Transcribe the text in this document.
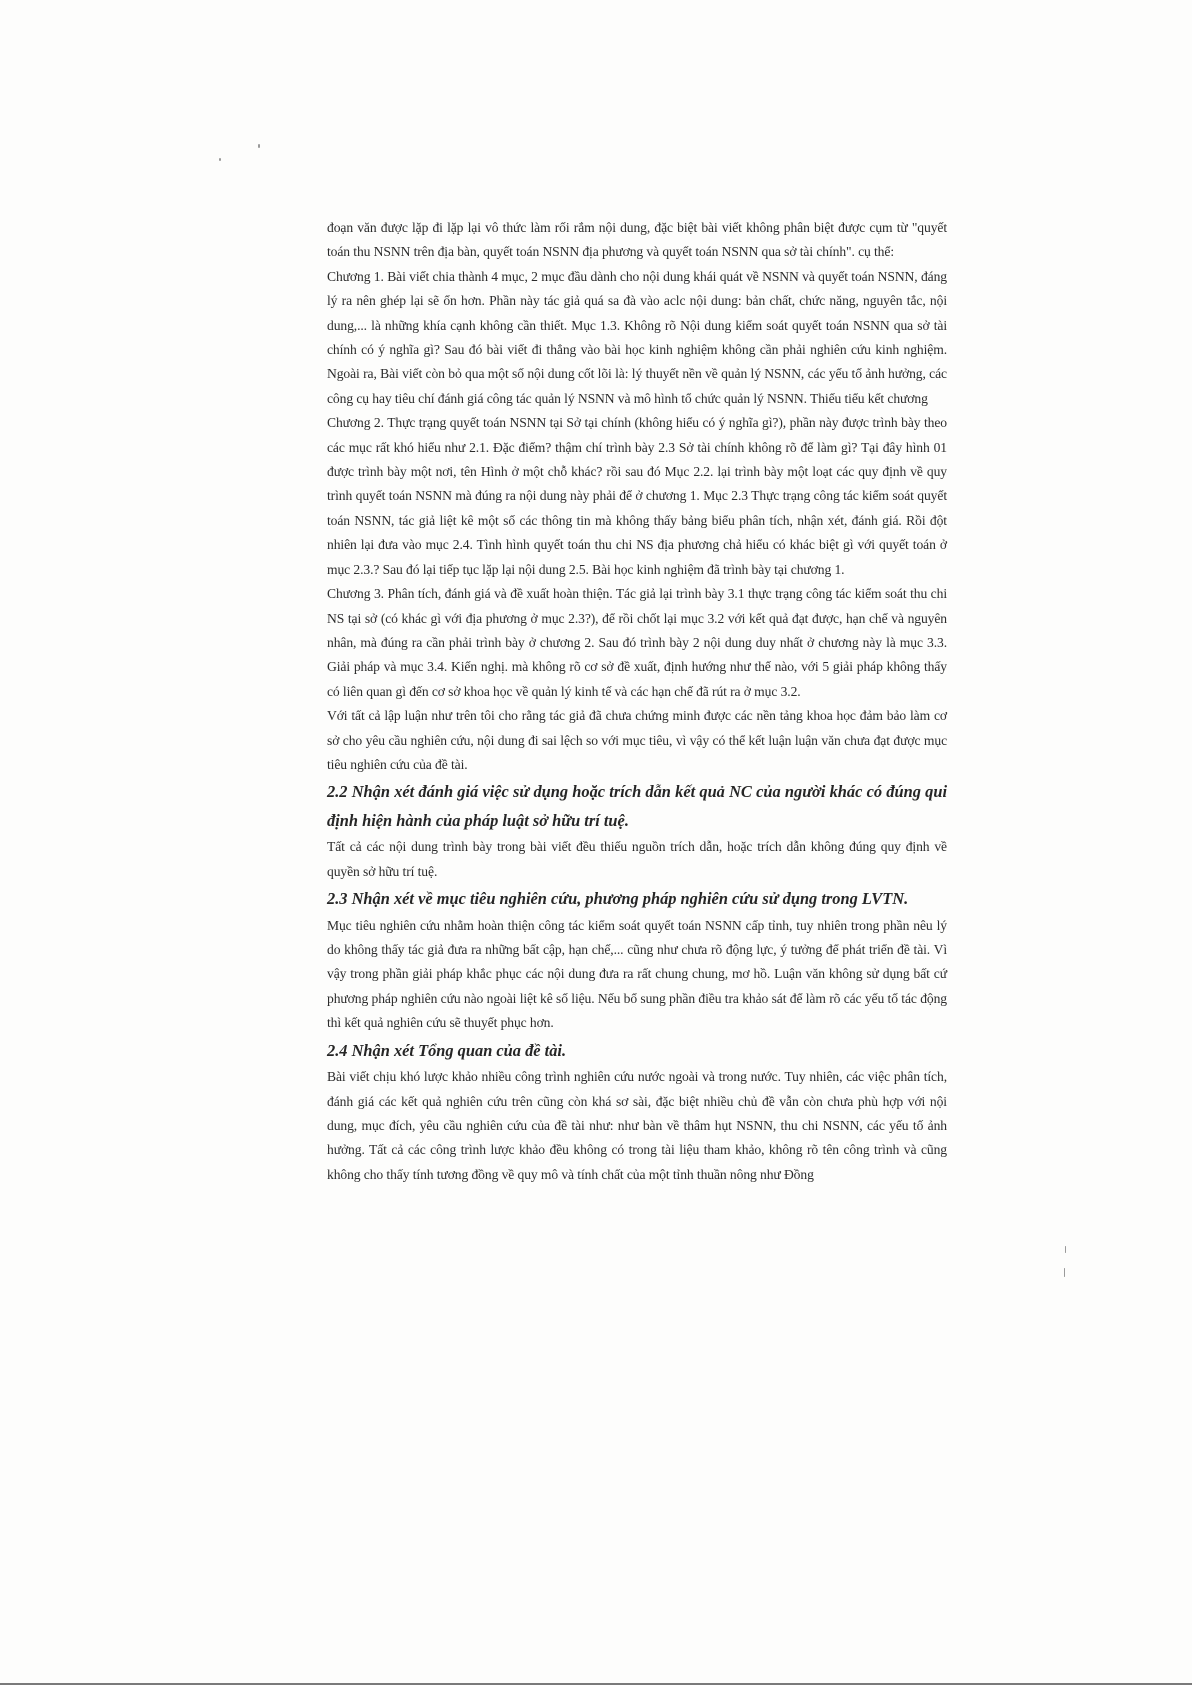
đoạn văn được lặp đi lặp lại vô thức làm rối rắm nội dung, đặc biệt bài viết không phân biệt được cụm từ "quyết toán thu NSNN trên địa bàn, quyết toán NSNN địa phương và quyết toán NSNN qua sở tài chính". cụ thể:

Chương 1. Bài viết chia thành 4 mục, 2 mục đầu dành cho nội dung khái quát về NSNN và quyết toán NSNN, đáng lý ra nên ghép lại sẽ ổn hơn. Phần này tác giả quá sa đà vào aclc nội dung: bản chất, chức năng, nguyên tắc, nội dung,... là những khía cạnh không cần thiết. Mục 1.3. Không rõ Nội dung kiểm soát quyết toán NSNN qua sở tài chính có ý nghĩa gì? Sau đó bài viết đi thẳng vào bài học kinh nghiệm không cần phải nghiên cứu kinh nghiệm. Ngoài ra, Bài viết còn bỏ qua một số nội dung cốt lõi là: lý thuyết nền về quản lý NSNN, các yếu tố ảnh hưởng, các công cụ hay tiêu chí đánh giá công tác quản lý NSNN và mô hình tổ chức quản lý NSNN. Thiếu tiểu kết chương

Chương 2. Thực trạng quyết toán NSNN tại Sở tại chính (không hiểu có ý nghĩa gì?), phần này được trình bày theo các mục rất khó hiểu như 2.1. Đặc điểm? thậm chí trình bày 2.3 Sở tài chính không rõ để làm gì? Tại đây hình 01 được trình bày một nơi, tên Hình ở một chỗ khác? rồi sau đó Mục 2.2. lại trình bày một loạt các quy định về quy trình quyết toán NSNN mà đúng ra nội dung này phải để ở chương 1. Mục 2.3 Thực trạng công tác kiểm soát quyết toán NSNN, tác giả liệt kê một số các thông tin mà không thấy bảng biểu phân tích, nhận xét, đánh giá. Rồi đột nhiên lại đưa vào mục 2.4. Tình hình quyết toán thu chi NS địa phương chả hiểu có khác biệt gì với quyết toán ở mục 2.3.? Sau đó lại tiếp tục lặp lại nội dung 2.5. Bài học kinh nghiệm đã trình bày tại chương 1.

Chương 3. Phân tích, đánh giá và đề xuất hoàn thiện. Tác giả lại trình bày 3.1 thực trạng công tác kiểm soát thu chi NS tại sở (có khác gì với địa phương ở mục 2.3?), để rồi chốt lại mục 3.2 với kết quả đạt được, hạn chế và nguyên nhân, mà đúng ra cần phải trình bày ở chương 2. Sau đó trình bày 2 nội dung duy nhất ở chương này là mục 3.3. Giải pháp và mục 3.4. Kiến nghị. mà không rõ cơ sở đề xuất, định hướng như thế nào, với 5 giải pháp không thấy có liên quan gì đến cơ sở khoa học về quản lý kinh tế và các hạn chế đã rút ra ở mục 3.2.

Với tất cả lập luận như trên tôi cho rằng tác giả đã chưa chứng minh được các nền tảng khoa học đảm bảo làm cơ sở cho yêu cầu nghiên cứu, nội dung đi sai lệch so với mục tiêu, vì vậy có thể kết luận luận văn chưa đạt được mục tiêu nghiên cứu của đề tài.

2.2 Nhận xét đánh giá việc sử dụng hoặc trích dẫn kết quả NC của người khác có đúng qui định hiện hành của pháp luật sở hữu trí tuệ.

Tất cả các nội dung trình bày trong bài viết đều thiếu nguồn trích dẫn, hoặc trích dẫn không đúng quy định về quyền sở hữu trí tuệ.

2.3 Nhận xét về mục tiêu nghiên cứu, phương pháp nghiên cứu sử dụng trong LVTN.

Mục tiêu nghiên cứu nhằm hoàn thiện công tác kiểm soát quyết toán NSNN cấp tỉnh, tuy nhiên trong phần nêu lý do không thấy tác giả đưa ra những bất cập, hạn chế,... cũng như chưa rõ động lực, ý tưởng để phát triển đề tài. Vì vậy trong phần giải pháp khắc phục các nội dung đưa ra rất chung chung, mơ hồ. Luận văn không sử dụng bất cứ phương pháp nghiên cứu nào ngoài liệt kê số liệu. Nếu bổ sung phần điều tra khảo sát để làm rõ các yếu tố tác động thì kết quả nghiên cứu sẽ thuyết phục hơn.

2.4 Nhận xét Tổng quan của đề tài.

Bài viết chịu khó lược khảo nhiều công trình nghiên cứu nước ngoài và trong nước. Tuy nhiên, các việc phân tích, đánh giá các kết quả nghiên cứu trên cũng còn khá sơ sài, đặc biệt nhiều chủ đề vẫn còn chưa phù hợp với nội dung, mục đích, yêu cầu nghiên cứu của đề tài như: như bàn về thâm hụt NSNN, thu chi NSNN, các yếu tố ảnh hưởng. Tất cả các công trình lược khảo đều không có trong tài liệu tham khảo, không rõ tên công trình và cũng không cho thấy tính tương đồng về quy mô và tính chất của một tỉnh thuần nông như Đồng
